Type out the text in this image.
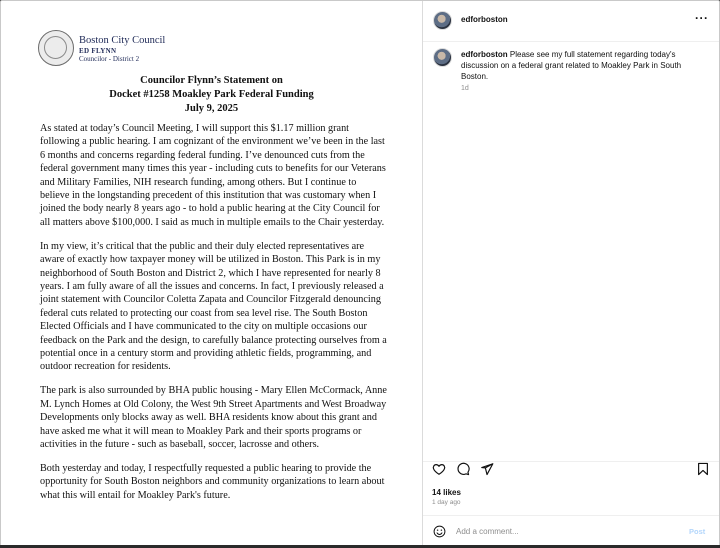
Boston City Council
ED FLYNN
Councilor - District 2
Councilor Flynn’s Statement on
Docket #1258 Moakley Park Federal Funding
July 9, 2025

As stated at today’s Council Meeting, I will support this $1.17 million grant following a public hearing. I am cognizant of the environment we’ve been in the last 6 months and concerns regarding federal funding. I’ve denounced cuts from the federal government many times this year - including cuts to benefits for our Veterans and Military Families, NIH research funding, among others. But I continue to believe in the longstanding precedent of this institution that was customary when I joined the body nearly 8 years ago - to hold a public hearing at the City Council for all matters above $100,000. I said as much in multiple emails to the Chair yesterday.

In my view, it’s critical that the public and their duly elected representatives are aware of exactly how taxpayer money will be utilized in Boston. This Park is in my neighborhood of South Boston and District 2, which I have represented for nearly 8 years. I am fully aware of all the issues and concerns. In fact, I previously released a joint statement with Councilor Coletta Zapata and Councilor Fitzgerald denouncing federal cuts related to protecting our coast from sea level rise. The South Boston Elected Officials and I have communicated to the city on multiple occasions our feedback on the Park and the design, to carefully balance protecting ourselves from a potential once in a century storm and providing athletic fields, programming, and outdoor recreation for residents.

The park is also surrounded by BHA public housing - Mary Ellen McCormack, Anne M. Lynch Homes at Old Colony, the West 9th Street Apartments and West Broadway Developments only blocks away as well. BHA residents know about this grant and have asked me what it will mean to Moakley Park and their sports programs or activities in the future - such as baseball, soccer, lacrosse and others.

Both yesterday and today, I respectfully requested a public hearing to provide the opportunity for South Boston neighbors and community organizations to learn about what this will entail for Moakley Park's future.

edforboston	···
edforboston Please see my full statement regarding today's discussion on a federal grant related to Moakley Park in South Boston.
1d
14 likes
1 day ago
Add a comment...
Post
